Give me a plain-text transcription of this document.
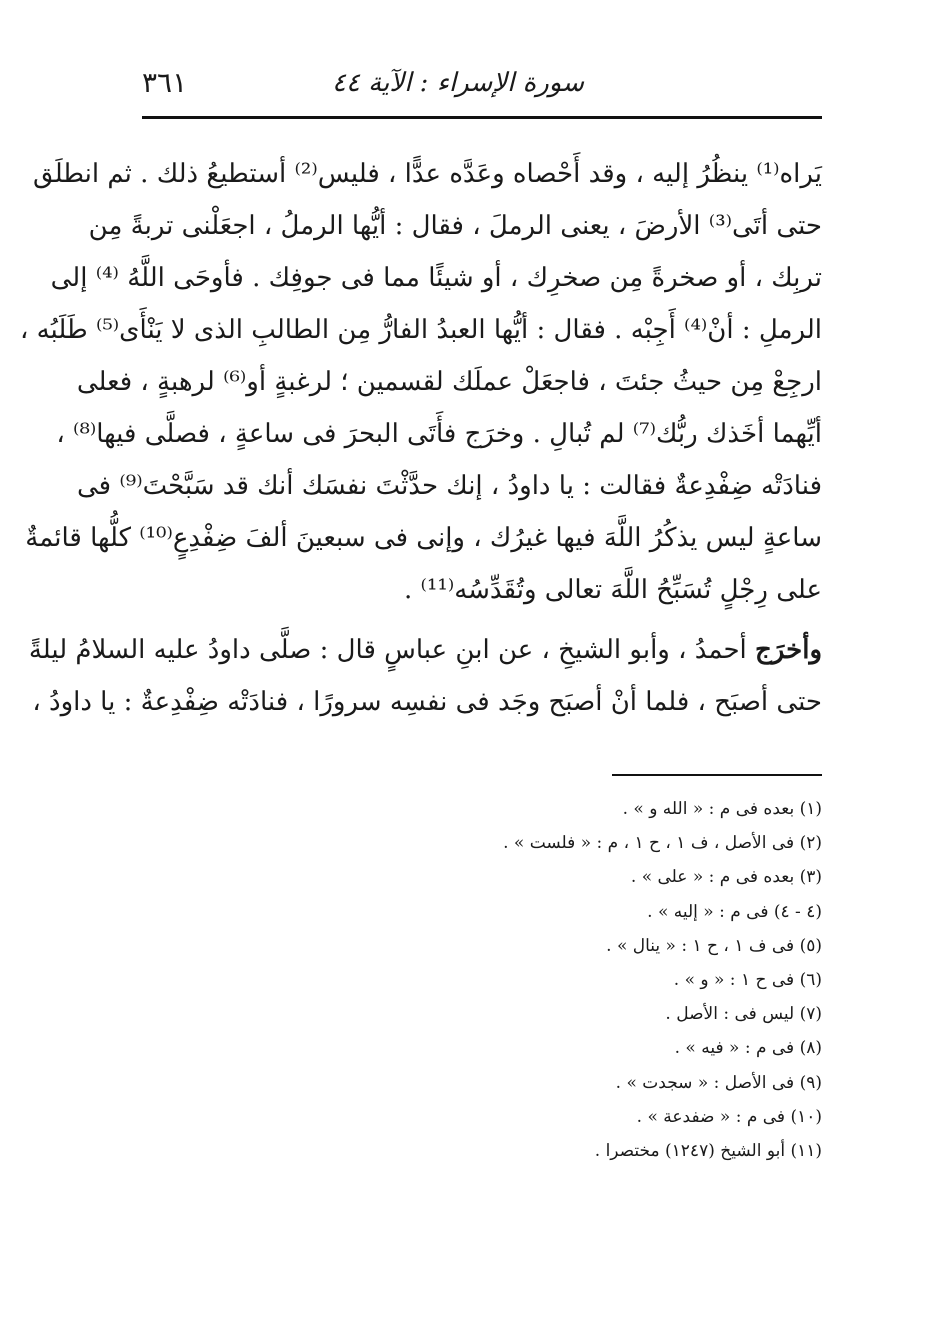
سورة الإسراء : الآية ٤٤
٣٦١

يَراه⁽¹⁾ ينظُرُ إليه ، وقد أَحْصاه وعَدَّه عدًّا ، فليس⁽²⁾ أستطيعُ ذلك . ثم انطلَق
حتى أتَى⁽³⁾ الأرضَ ، يعنى الرملَ ، فقال : أيُّها الرملُ ، اجعَلْنى تربةً مِن
تربِك ، أو صخرةً مِن صخرِك ، أو شيئًا مما فى جوفِك . فأوحَى اللَّهُ ⁽⁴⁾ إلى
الرملِ : أنْ⁽⁴⁾ أَجِبْه . فقال : أيُّها العبدُ الفارُّ مِن الطالبِ الذى لا يَنْأَى⁽⁵⁾ طَلَبُه ،
ارجِعْ مِن حيثُ جئتَ ، فاجعَلْ عملَك لقسمين ؛ لرغبةٍ أو⁽⁶⁾ لرهبةٍ ، فعلى
أيِّهما أخَذك ربُّك⁽⁷⁾ لم تُبالِ . وخرَج فأَتَى البحرَ فى ساعةٍ ، فصلَّى فيها⁽⁸⁾ ،
فنادَتْه ضِفْدِعةٌ فقالت : يا داودُ ، إنك حدَّثْتَ نفسَك أنك قد سَبَّحْتَ⁽⁹⁾ فى
ساعةٍ ليس يذكُرُ اللَّهَ فيها غيرُك ، وإنى فى سبعينَ ألفَ ضِفْدِعٍ⁽¹⁰⁾ كلُّها قائمةٌ
على رِجْلٍ تُسَبِّحُ اللَّهَ تعالى وتُقَدِّسُه⁽¹¹⁾ .

وأخرَج أحمدُ ، وأبو الشيخِ ، عن ابنِ عباسٍ قال : صلَّى داودُ عليه السلامُ ليلةً
حتى أصبَح ، فلما أنْ أصبَح وجَد فى نفسِه سرورًا ، فنادَتْه ضِفْدِعةٌ : يا داودُ ،

(١) بعده فى م : « الله و » .
(٢) فى الأصل ، ف ١ ، ح ١ ، م : « فلست » .
(٣) بعده فى م : « على » .
(٤ - ٤) فى م : « إليه » .
(٥) فى ف ١ ، ح ١ : « ينال » .
(٦) فى ح ١ : « و » .
(٧) ليس فى : الأصل .
(٨) فى م : « فيه » .
(٩) فى الأصل : « سجدت » .
(١٠) فى م : « ضفدعة » .
(١١) أبو الشيخ (١٢٤٧) مختصرا .
